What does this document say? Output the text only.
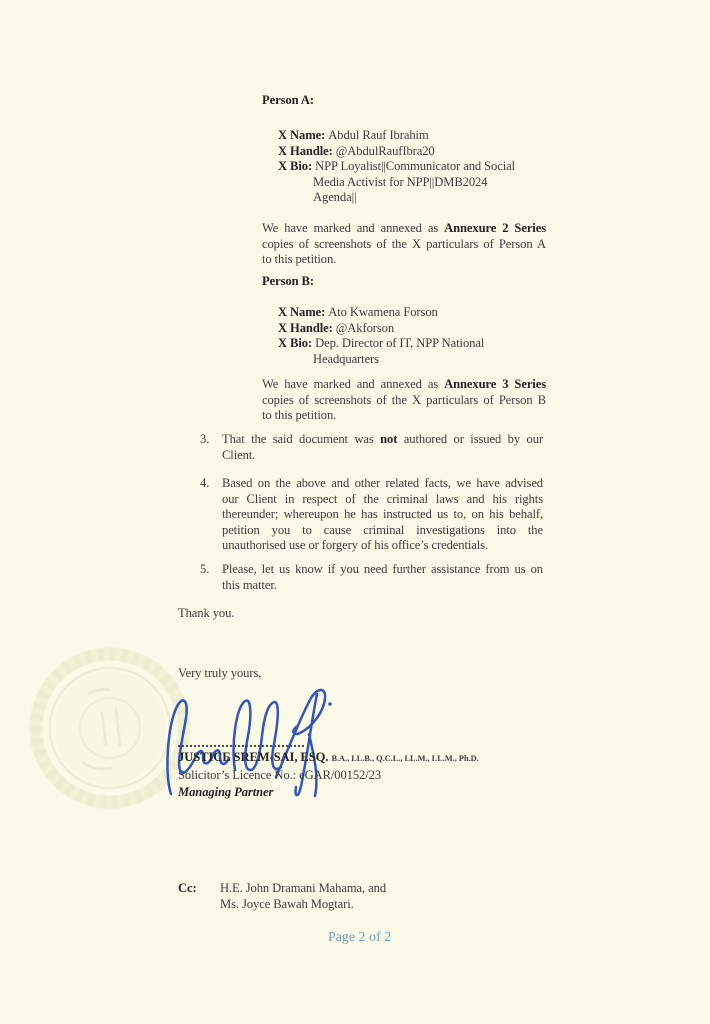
Person A:
X Name: Abdul Rauf Ibrahim
X Handle: @AbdulRaufIbra20
X Bio: NPP Loyalist||Communicator and Social
Media Activist for NPP||DMB2024
Agenda||
We have marked and annexed as Annexure 2 Series
copies of screenshots of the X particulars of Person A
to this petition.
Person B:
X Name: Ato Kwamena Forson
X Handle: @Akforson
X Bio: Dep. Director of IT, NPP National
Headquarters
We have marked and annexed as Annexure 3 Series
copies of screenshots of the X particulars of Person B
to this petition.
3. That the said document was not authored or issued by our
Client.
4. Based on the above and other related facts, we have advised
our Client in respect of the criminal laws and his rights
thereunder; whereupon he has instructed us to, on his behalf,
petition you to cause criminal investigations into the
unauthorised use or forgery of his office’s credentials.
5. Please, let us know if you need further assistance from us on
this matter.
Thank you.
Very truly yours,
JUSTICE SREM-SAI, ESQ. B.A., LL.B., Q.C.L., LL.M., LL.M., Ph.D.
Solicitor’s Licence No.: eGAR/00152/23
Managing Partner
Cc:	H.E. John Dramani Mahama, and
Ms. Joyce Bawah Mogtari.
Page 2 of 2
